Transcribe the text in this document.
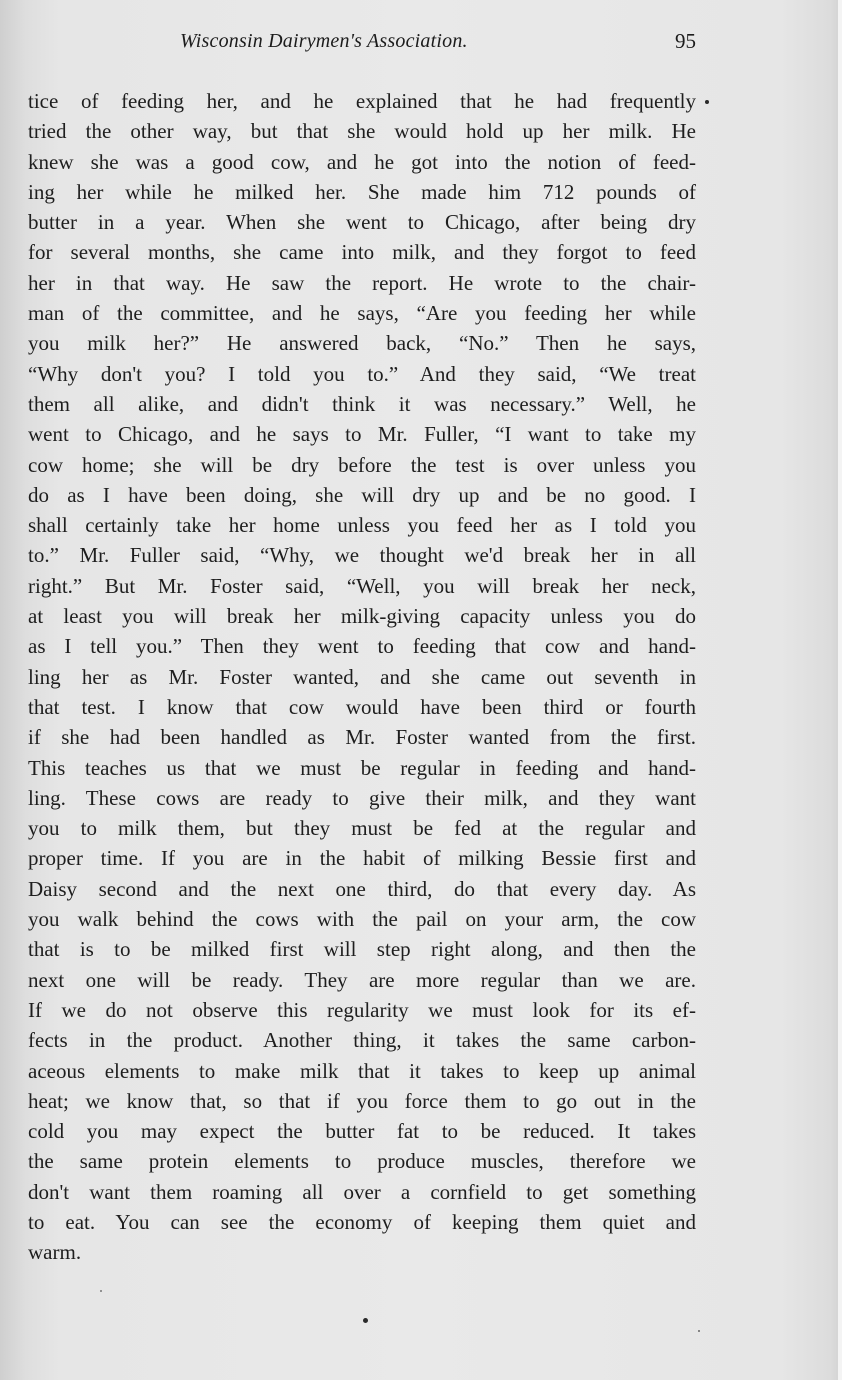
Wisconsin Dairymen's Association.	95
tice of feeding her, and he explained that he had frequently
tried the other way, but that she would hold up her milk. He
knew she was a good cow, and he got into the notion of feed-
ing her while he milked her. She made him 712 pounds of
butter in a year. When she went to Chicago, after being dry
for several months, she came into milk, and they forgot to feed
her in that way. He saw the report. He wrote to the chair-
man of the committee, and he says, “Are you feeding her while
you milk her?” He answered back, “No.” Then he says,
“Why don't you? I told you to.” And they said, “We treat
them all alike, and didn't think it was necessary.” Well, he
went to Chicago, and he says to Mr. Fuller, “I want to take my
cow home; she will be dry before the test is over unless you
do as I have been doing, she will dry up and be no good. I
shall certainly take her home unless you feed her as I told you
to.” Mr. Fuller said, “Why, we thought we'd break her in all
right.” But Mr. Foster said, “Well, you will break her neck,
at least you will break her milk-giving capacity unless you do
as I tell you.” Then they went to feeding that cow and hand-
ling her as Mr. Foster wanted, and she came out seventh in
that test. I know that cow would have been third or fourth
if she had been handled as Mr. Foster wanted from the first.
This teaches us that we must be regular in feeding and hand-
ling. These cows are ready to give their milk, and they want
you to milk them, but they must be fed at the regular and
proper time. If you are in the habit of milking Bessie first and
Daisy second and the next one third, do that every day. As
you walk behind the cows with the pail on your arm, the cow
that is to be milked first will step right along, and then the
next one will be ready. They are more regular than we are.
If we do not observe this regularity we must look for its ef-
fects in the product. Another thing, it takes the same carbon-
aceous elements to make milk that it takes to keep up animal
heat; we know that, so that if you force them to go out in the
cold you may expect the butter fat to be reduced. It takes
the same protein elements to produce muscles, therefore we
don't want them roaming all over a cornfield to get something
to eat. You can see the economy of keeping them quiet and
warm.
